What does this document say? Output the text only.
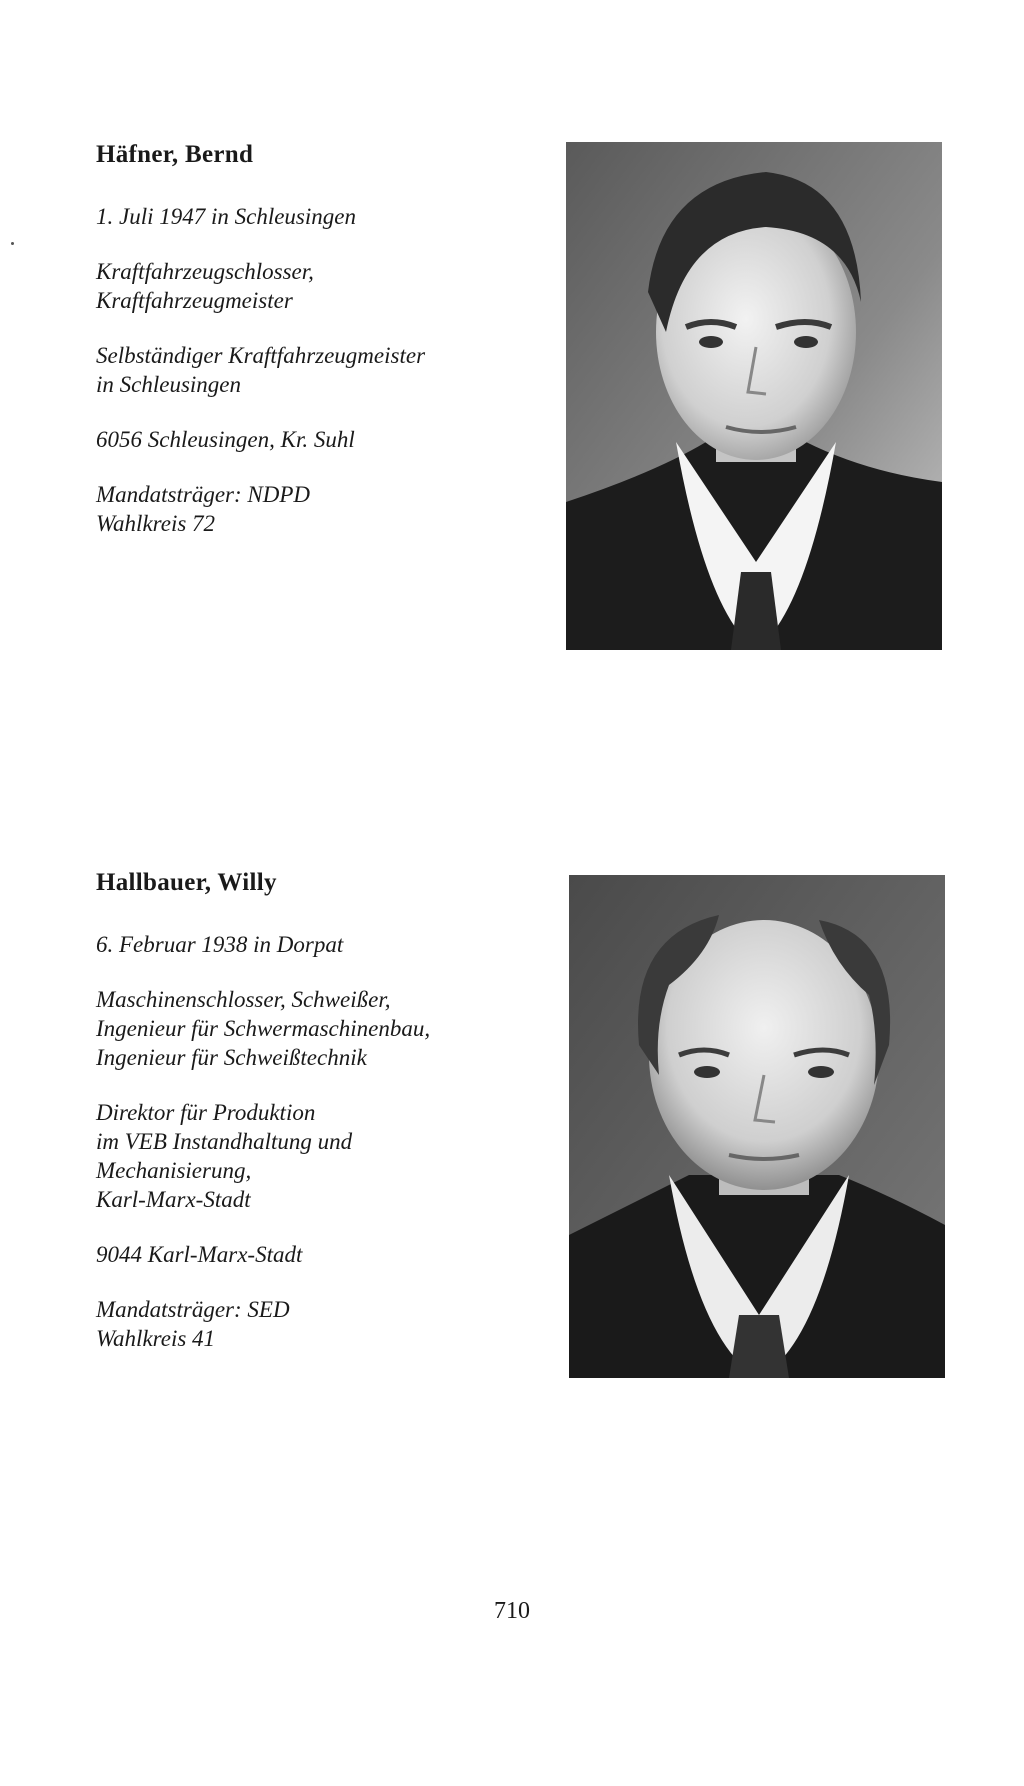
Häfner, Bernd

1. Juli 1947 in Schleusingen

Kraftfahrzeugschlosser,

Kraftfahrzeugmeister

Selbständiger Kraftfahrzeugmeister

in Schleusingen

6056 Schleusingen, Kr. Suhl

Mandatsträger: NDPD

Wahlkreis 72

Hallbauer, Willy

6. Februar 1938 in Dorpat

Maschinenschlosser, Schweißer,

Ingenieur für Schwermaschinenbau,

Ingenieur für Schweißtechnik

Direktor für Produktion

im VEB Instandhaltung und

Mechanisierung,

Karl-Marx-Stadt

9044 Karl-Marx-Stadt

Mandatsträger: SED

Wahlkreis 41

710
